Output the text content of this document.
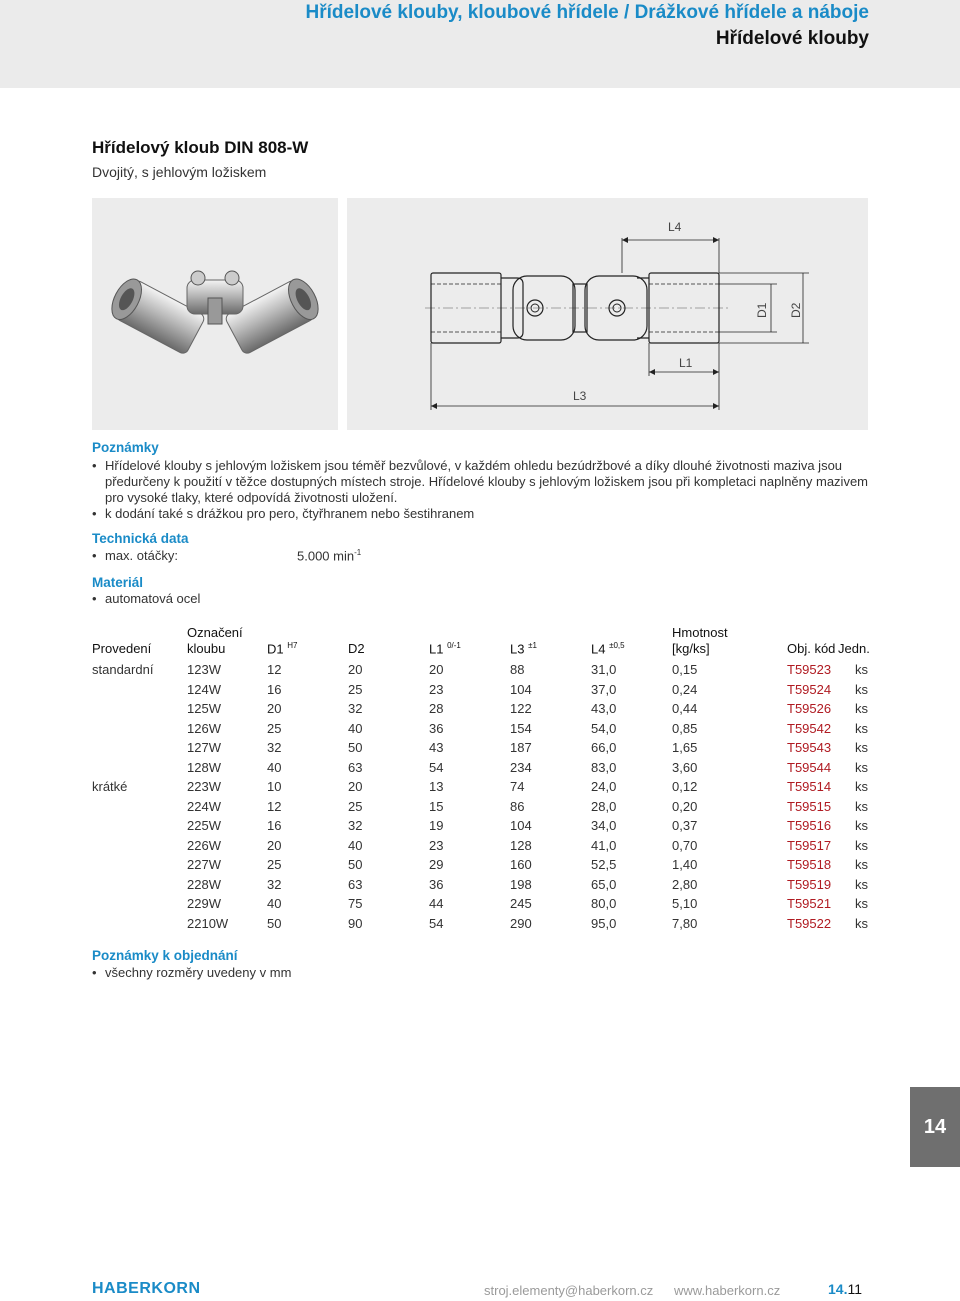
Hřídelové klouby, kloubové hřídele / Drážkové hřídele a náboje
Hřídelové klouby
Hřídelový kloub DIN 808-W
Dvojitý, s jehlovým ložiskem
L4
D1 D2
L1
L3
Poznámky
• Hřídelové klouby s jehlovým ložiskem jsou téměř bezvůlové, v každém ohledu bezúdržbové a díky dlouhé životnosti maziva jsou předurčeny k použití v těžce dostupných místech stroje. Hřídelové klouby s jehlovým ložiskem jsou při kompletaci naplněny mazivem pro vysoké tlaky, které odpovídá životnosti uložení.
• k dodání také s drážkou pro pero, čtyřhranem nebo šestihranem
Technická data
• max. otáčky:	5.000 $\min^{-1}$
Materiál
• automatová ocel
Provedení
Označení
kloubu	D1 $^{H7}$	D2	L1 $^{0/-1}$	L3 $^{\pm 1}$	L4 $^{\pm 0,5}$
Hmotnost
[kg/ks]	Obj. kód Jedn.
standardní	123W	12	20	20	88	31,0	0,15	T59523	ks
124W	16	25	23	104	37,0	0,24	T59524	ks
125W	20	32	28	122	43,0	0,44	T59526	ks
126W	25	40	36	154	54,0	0,85	T59542	ks
127W	32	50	43	187	66,0	1,65	T59543	ks
128W	40	63	54	234	83,0	3,60	T59544	ks
krátké	223W	10	20	13	74	24,0	0,12	T59514	ks
224W	12	25	15	86	28,0	0,20	T59515	ks
225W	16	32	19	104	34,0	0,37	T59516	ks
226W	20	40	23	128	41,0	0,70	T59517	ks
227W	25	50	29	160	52,5	1,40	T59518	ks
228W	32	63	36	198	65,0	2,80	T59519	ks
229W	40	75	44	245	80,0	5,10	T59521	ks
2210W	50	90	54	290	95,0	7,80	T59522	ks
Poznámky k objednání
• všechny rozměry uvedeny v mm
14
HABERKORN	stroj.elementy@haberkorn.cz www.haberkorn.cz	14.11
